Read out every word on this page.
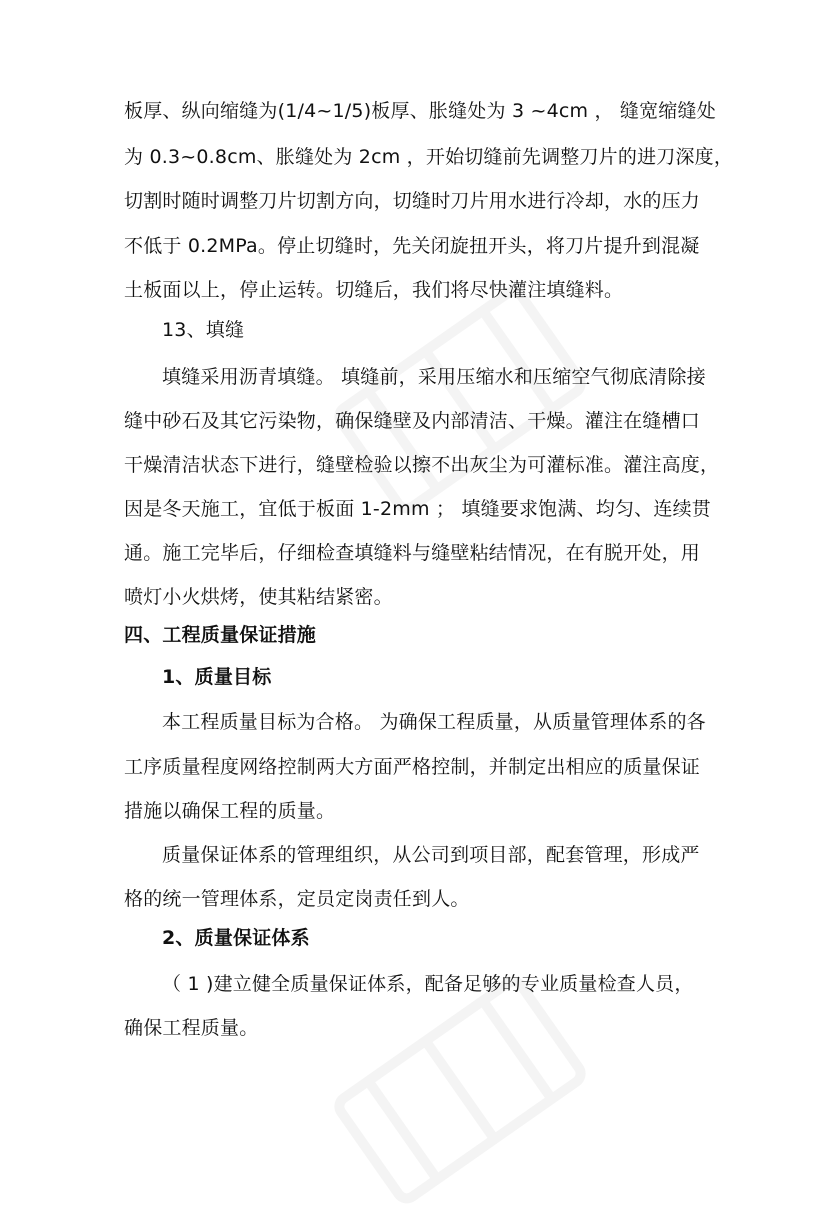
板厚、纵向缩缝为(1/4~1/5)板厚、胀缝处为 3 ~4cm ， 缝宽缩缝处
为 0.3~0.8cm、胀缝处为 2cm ，开始切缝前先调整刀片的进刀深度，
切割时随时调整刀片切割方向，切缝时刀片用水进行冷却，水的压力
不低于 0.2MPa。停止切缝时，先关闭旋扭开头，将刀片提升到混凝
土板面以上，停止运转。切缝后，我们将尽快灌注填缝料。
13、填缝
填缝采用沥青填缝。 填缝前，采用压缩水和压缩空气彻底清除接
缝中砂石及其它污染物，确保缝壁及内部清洁、干燥。灌注在缝槽口
干燥清洁状态下进行，缝壁检验以擦不出灰尘为可灌标准。灌注高度，
因是冬天施工，宜低于板面 1-2mm ； 填缝要求饱满、均匀、连续贯
通。施工完毕后，仔细检查填缝料与缝壁粘结情况，在有脱开处，用
喷灯小火烘烤，使其粘结紧密。
四、工程质量保证措施
1、质量目标
本工程质量目标为合格。 为确保工程质量，从质量管理体系的各
工序质量程度网络控制两大方面严格控制，并制定出相应的质量保证
措施以确保工程的质量。
质量保证体系的管理组织，从公司到项目部，配套管理，形成严
格的统一管理体系，定员定岗责任到人。
2、质量保证体系
（ 1 )建立健全质量保证体系，配备足够的专业质量检查人员，
确保工程质量。
